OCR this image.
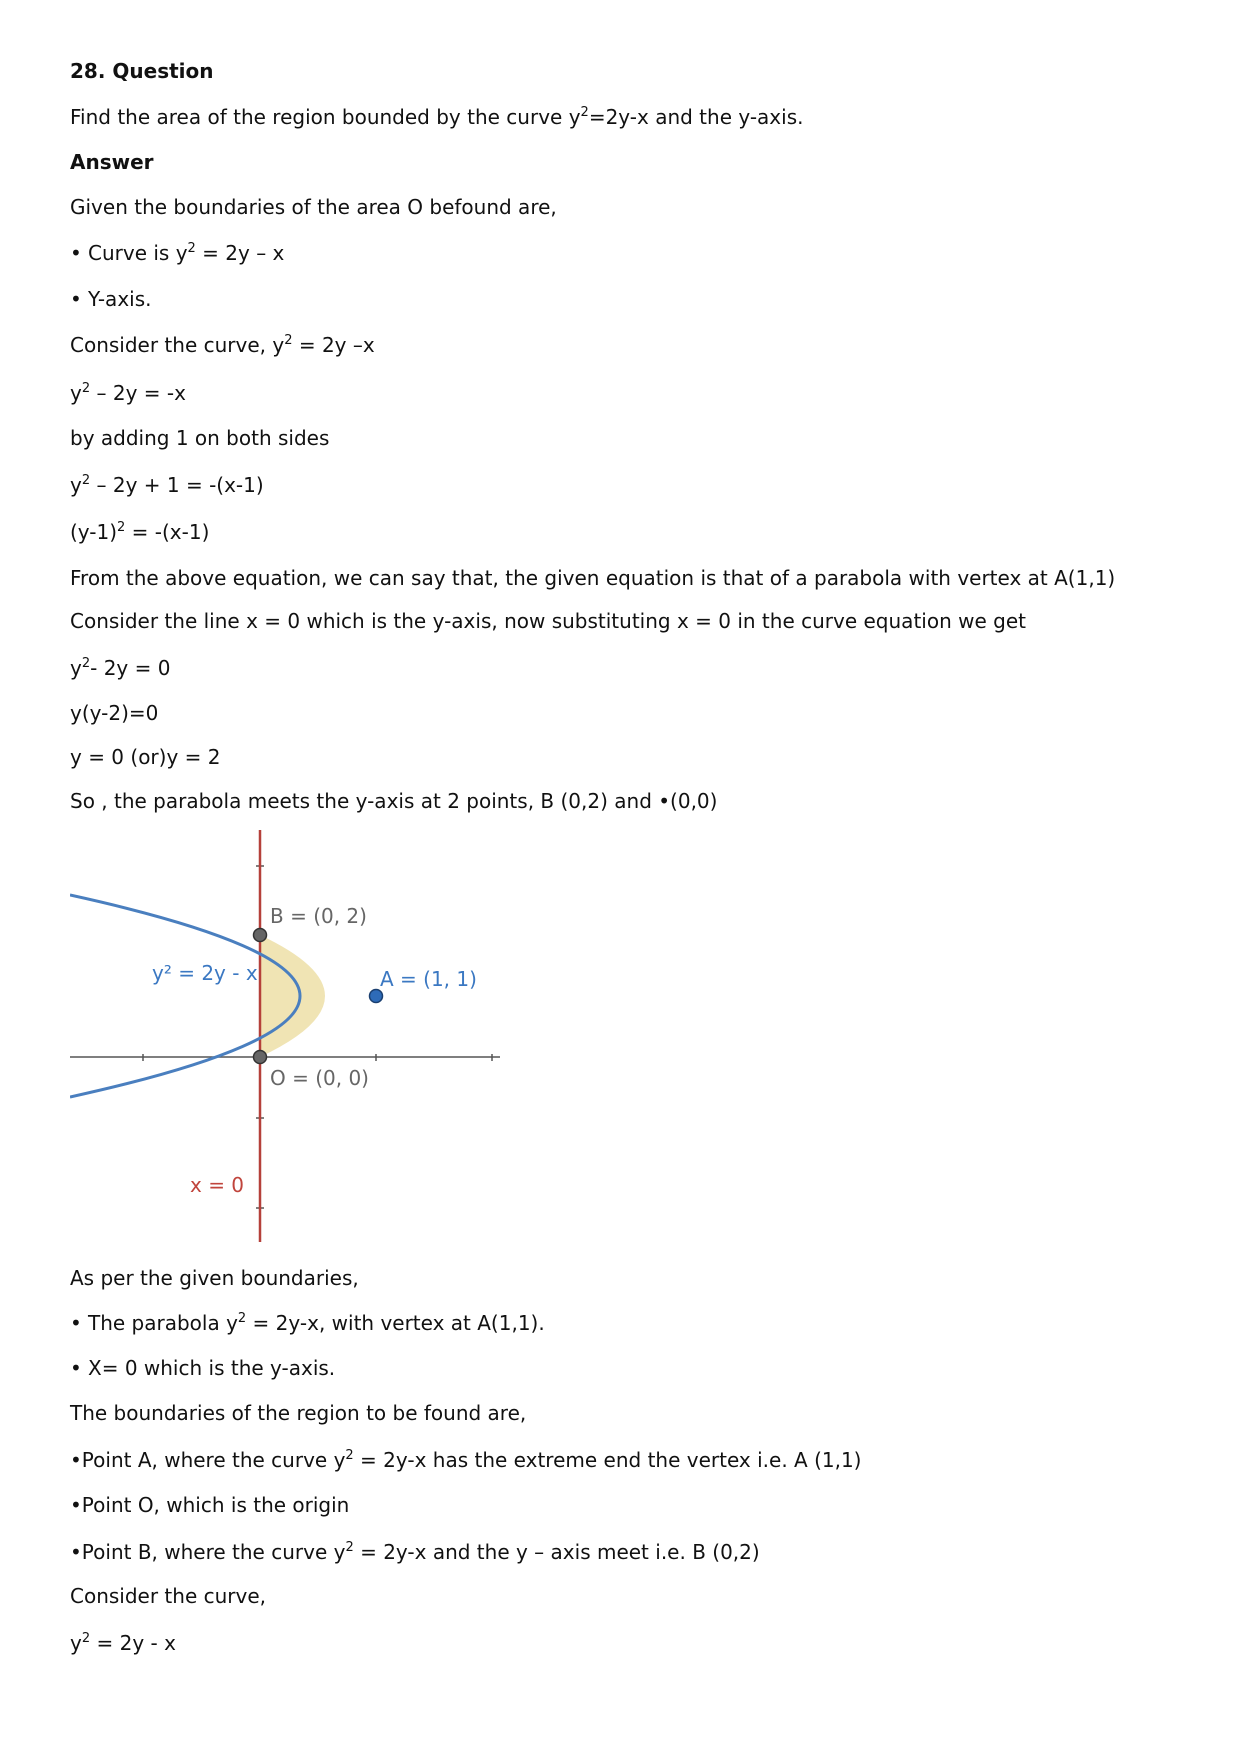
28. Question
Find the area of the region bounded by the curve $y^2=2y-x$ and the y-axis.
Answer
Given the boundaries of the area O befound are,
• Curve is $y^2 = 2y - x$
• Y-axis.
Consider the curve, $y^2 = 2y$ –x
$y^2 - 2y = -x$
by adding 1 on both sides
$y^2 - 2y + 1 = -(x-1)$
$(y-1)^2 = -(x-1)$
From the above equation, we can say that, the given equation is that of a parabola with vertex at A(1,1)
Consider the line x = 0 which is the y-axis, now substituting x = 0 in the curve equation we get
$y^2-$ 2y = 0
y(y-2)=0
y = 0 (or)y = 2
So , the parabola meets the y-axis at 2 points, B (0,2) and •(0,0)
B = (0, 2)
A = (1, 1)
O = (0, 0)
y² = 2y - x
x = 0
As per the given boundaries,
• The parabola $y^2 = 2y-x$, with vertex at A(1,1).
• X= 0 which is the y-axis.
The boundaries of the region to be found are,
•Point A, where the curve $y^2 = 2y-x$ has the extreme end the vertex i.e. A (1,1)
•Point O, which is the origin
•Point B, where the curve $y^2 = 2y-x$ and the y – axis meet i.e. B (0,2)
Consider the curve,
$y^2 = 2y - x$
